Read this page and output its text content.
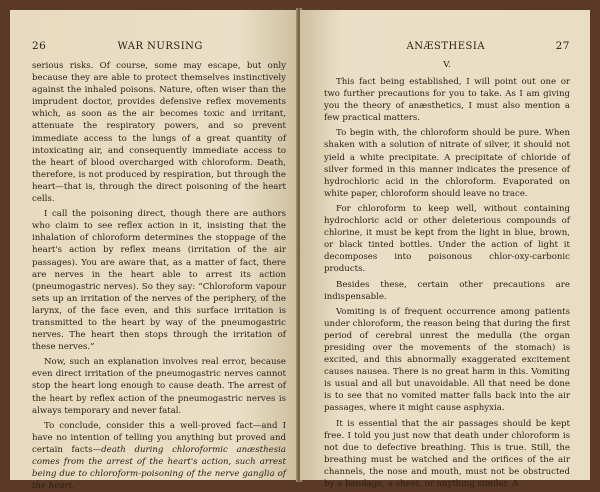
26	WAR NURSING

serious risks. Of course, some may escape, but only because they are able to protect themselves instinctively against the inhaled poisons. Nature, often wiser than the imprudent doctor, provides defensive reflex movements which, as soon as the air becomes toxic and irritant, attenuate the respiratory powers, and so prevent immediate access to the lungs of a great quantity of intoxicating air, and consequently immediate access to the heart of blood overcharged with chloroform. Death, therefore, is not produced by respiration, but through the heart—that is, through the direct poisoning of the heart cells.

I call the poisoning direct, though there are authors who claim to see reflex action in it, insisting that the inhalation of chloroform determines the stoppage of the heart's action by reflex means (irritation of the air passages). You are aware that, as a matter of fact, there are nerves in the heart able to arrest its action (pneumogastric nerves). So they say: “Chloroform vapour sets up an irritation of the nerves of the periphery, of the larynx, of the face even, and this surface irritation is transmitted to the heart by way of the pneumogastric nerves. The heart then stops through the irritation of these nerves.”

Now, such an explanation involves real error, because even direct irritation of the pneumogastric nerves cannot stop the heart long enough to cause death. The arrest of the heart by reflex action of the pneumogastric nerves is always temporary and never fatal.

To conclude, consider this a well-proved fact—and I have no intention of telling you anything but proved and certain facts—death during chloroformic anæsthesia comes from the arrest of the heart's action, such arrest being due to chloroform-poisoning of the nerve ganglia of the heart.

ANÆSTHESIA	27
V.

This fact being established, I will point out one or two further precautions for you to take. As I am giving you the theory of anæsthetics, I must also mention a few practical matters.

To begin with, the chloroform should be pure. When shaken with a solution of nitrate of silver, it should not yield a white precipitate. A precipitate of chloride of silver formed in this manner indicates the presence of hydrochloric acid in the chloroform. Evaporated on white paper, chloroform should leave no trace.

For chloroform to keep well, without containing hydrochloric acid or other deleterious compounds of chlorine, it must be kept from the light in blue, brown, or black tinted bottles. Under the action of light it decomposes into poisonous chlor-oxy-carbonic products.

Besides these, certain other precautions are indispensable.

Vomiting is of frequent occurrence among patients under chloroform, the reason being that during the first period of cerebral unrest the medulla (the organ presiding over the movements of the stomach) is excited, and this abnormally exaggerated excitement causes nausea. There is no great harm in this. Vomiting is usual and all but unavoidable. All that need be done is to see that no vomited matter falls back into the air passages, where it might cause asphyxia.

It is essential that the air passages should be kept free. I told you just now that death under chloroform is not due to defective breathing. This is true. Still, the breathing must be watched and the orifices of the air channels, the nose and mouth, must not be obstructed by a bandage, a sheet, or anything similar. A
